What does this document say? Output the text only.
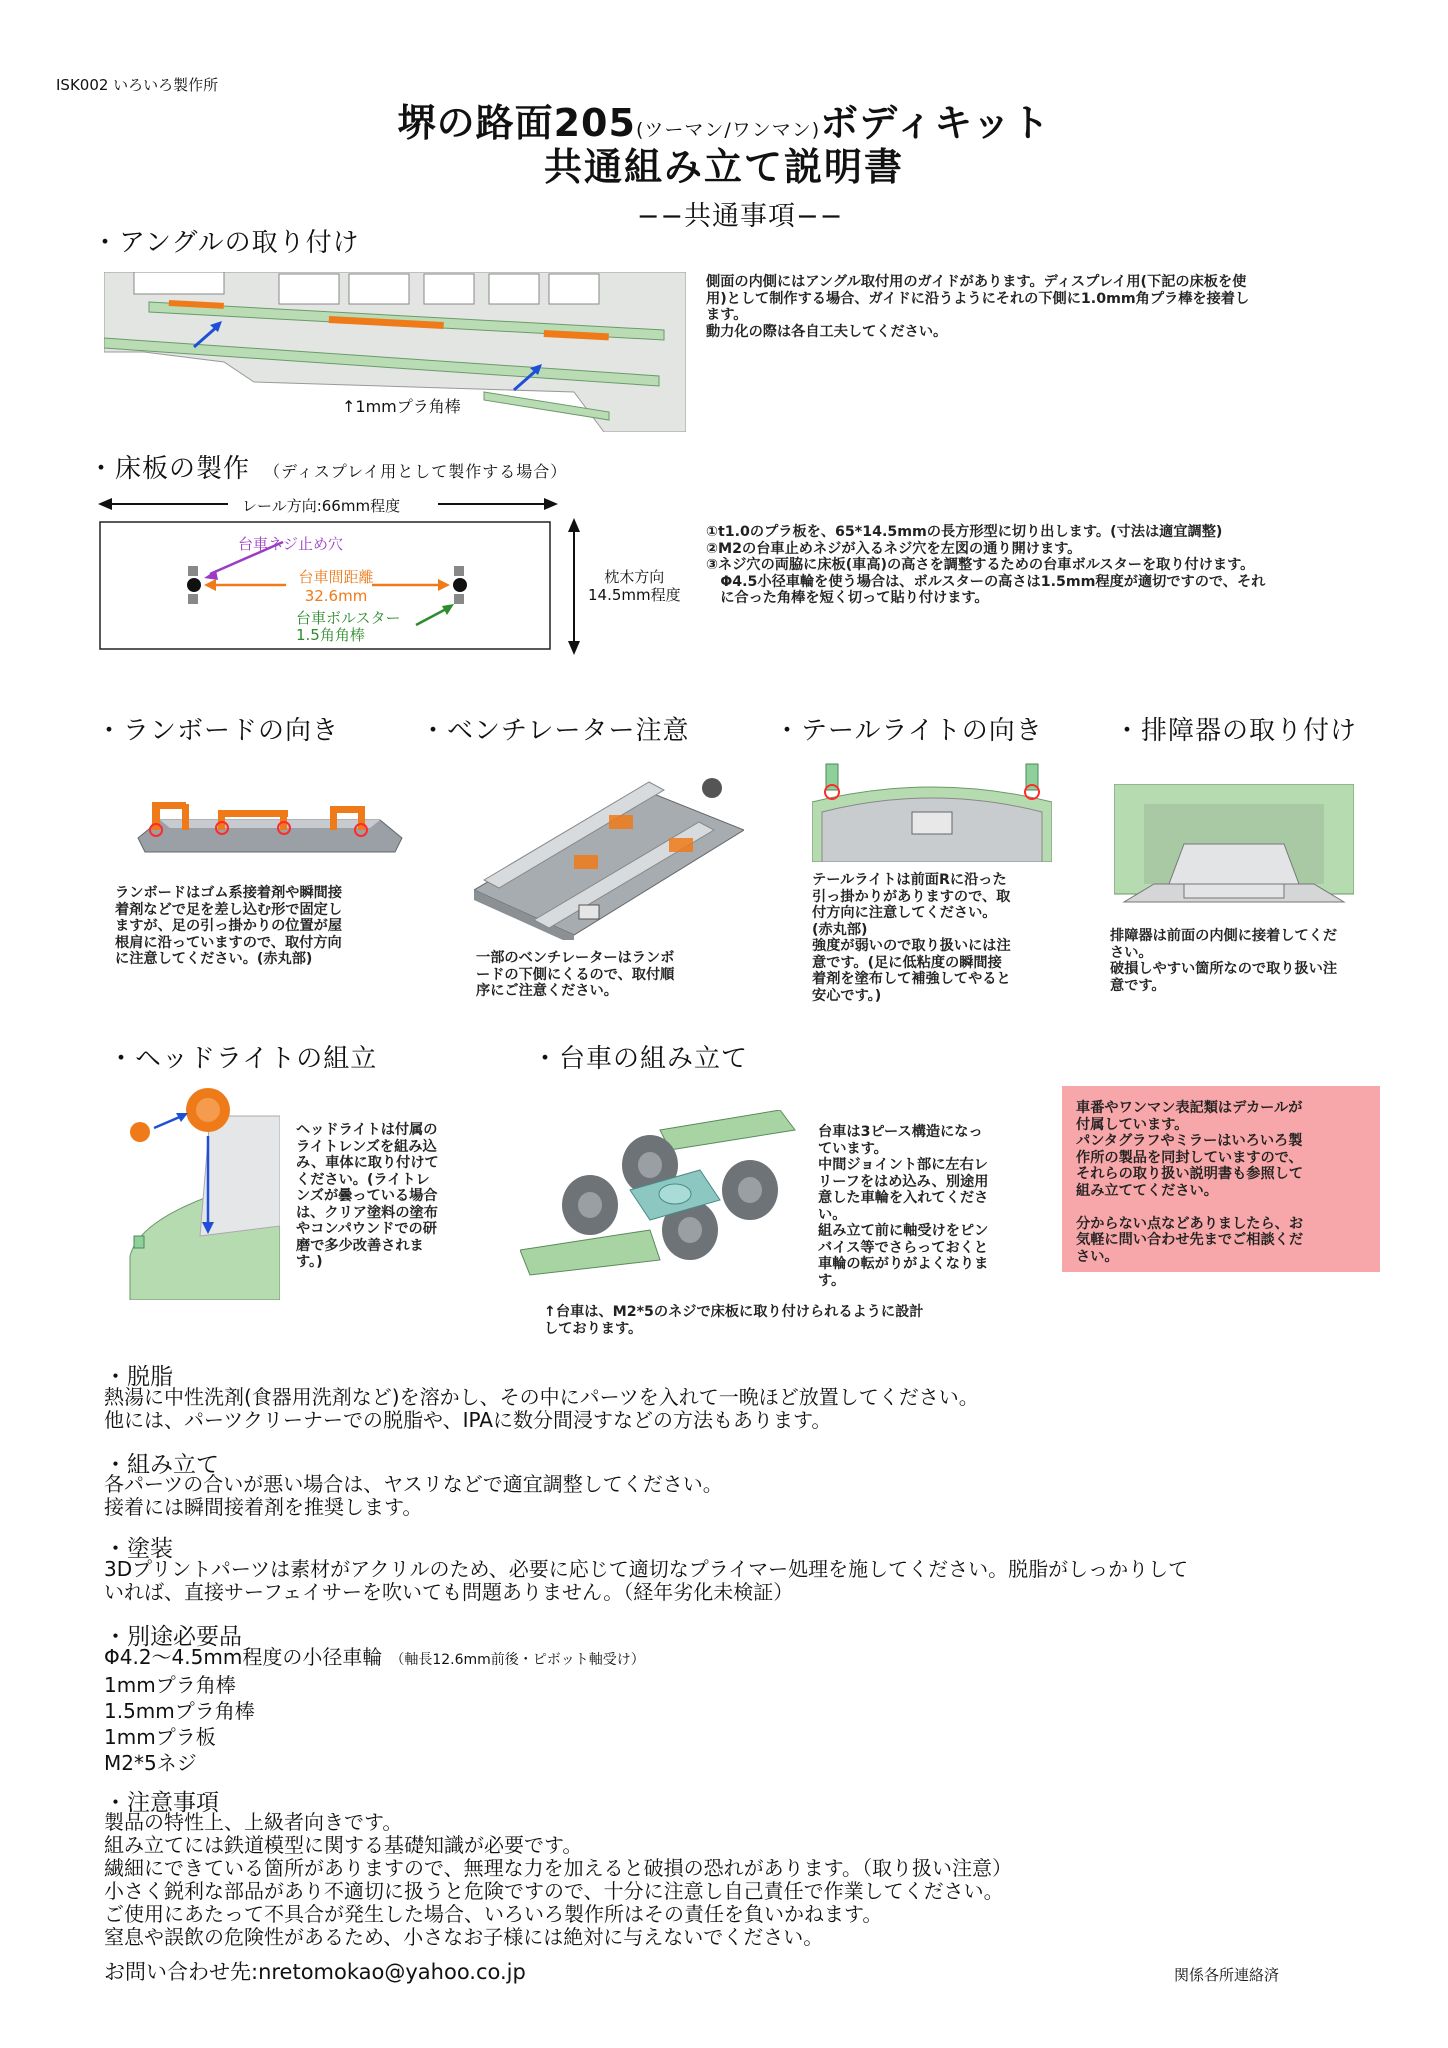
ISK002 いろいろ製作所
堺の路面205(ツーマン/ワンマン)ボディキット
共通組み立て説明書
−−共通事項−−
・アングルの取り付け
↑1mmプラ角棒
側面の内側にはアングル取付用のガイドがあります。ディスプレイ用(下記の床板を使
用)として制作する場合、ガイドに沿うようにそれの下側に1.0mm角プラ棒を接着し
ます。
動力化の際は各自工夫してください。
・床板の製作 （ディスプレイ用として製作する場合）
レール方向:66mm程度
台車ネジ止め穴
台車間距離
32.6mm
台車ボルスター
1.5角角棒
枕木方向
14.5mm程度
①t1.0のプラ板を、65*14.5mmの長方形型に切り出します。(寸法は適宜調整)
②M2の台車止めネジが入るネジ穴を左図の通り開けます。
③ネジ穴の両脇に床板(車高)の高さを調整するための台車ボルスターを取り付けます。
　Φ4.5小径車輪を使う場合は、ボルスターの高さは1.5mm程度が適切ですので、それ
　に合った角棒を短く切って貼り付けます。
・ランボードの向き	・ベンチレーター注意	・テールライトの向き	・排障器の取り付け
ランボードはゴム系接着剤や瞬間接
着剤などで足を差し込む形で固定し
ますが、足の引っ掛かりの位置が屋
根肩に沿っていますので、取付方向
に注意してください。(赤丸部)	一部のベンチレーターはランボ
ードの下側にくるので、取付順
序にご注意ください。
テールライトは前面Rに沿った
引っ掛かりがありますので、取
付方向に注意してください。
(赤丸部)
強度が弱いので取り扱いには注
意です。(足に低粘度の瞬間接
着剤を塗布して補強してやると
安心です。)
排障器は前面の内側に接着してくだ
さい。
破損しやすい箇所なので取り扱い注
意です。
・ヘッドライトの組立
ヘッドライトは付属の
ライトレンズを組み込
み、車体に取り付けて
ください。(ライトレ
ンズが曇っている場合
は、クリア塗料の塗布
やコンパウンドでの研
磨で多少改善されま
す。)
・台車の組み立て
台車は3ピース構造になっ
ています。
中間ジョイント部に左右レ
リーフをはめ込み、別途用
意した車輪を入れてくださ
い。
組み立て前に軸受けをピン
バイス等でさらっておくと
車輪の転がりがよくなりま
す。
↑台車は、M2*5のネジで床板に取り付けられるように設計
しております。
車番やワンマン表記類はデカールが
付属しています。
パンタグラフやミラーはいろいろ製
作所の製品を同封していますので、
それらの取り扱い説明書も参照して
組み立ててください。
分からない点などありましたら、お
気軽に問い合わせ先までご相談くだ
さい。
・脱脂
熱湯に中性洗剤(食器用洗剤など)を溶かし、その中にパーツを入れて一晩ほど放置してください。
他には、パーツクリーナーでの脱脂や、IPAに数分間浸すなどの方法もあります。
・組み立て
各パーツの合いが悪い場合は、ヤスリなどで適宜調整してください。
接着には瞬間接着剤を推奨します。
・塗装
3Dプリントパーツは素材がアクリルのため、必要に応じて適切なプライマー処理を施してください。脱脂がしっかりして
いれば、直接サーフェイサーを吹いても問題ありません。（経年劣化未検証）
・別途必要品
Φ4.2〜4.5mm程度の小径車輪 （軸長12.6mm前後・ピボット軸受け）
1mmプラ角棒
1.5mmプラ角棒
1mmプラ板
M2*5ネジ
・注意事項
製品の特性上、上級者向きです。
組み立てには鉄道模型に関する基礎知識が必要です。
繊細にできている箇所がありますので、無理な力を加えると破損の恐れがあります。（取り扱い注意）
小さく鋭利な部品があり不適切に扱うと危険ですので、十分に注意し自己責任で作業してください。
ご使用にあたって不具合が発生した場合、いろいろ製作所はその責任を負いかねます。
窒息や誤飲の危険性があるため、小さなお子様には絶対に与えないでください。
お問い合わせ先:nretomokao@yahoo.co.jp	関係各所連絡済
